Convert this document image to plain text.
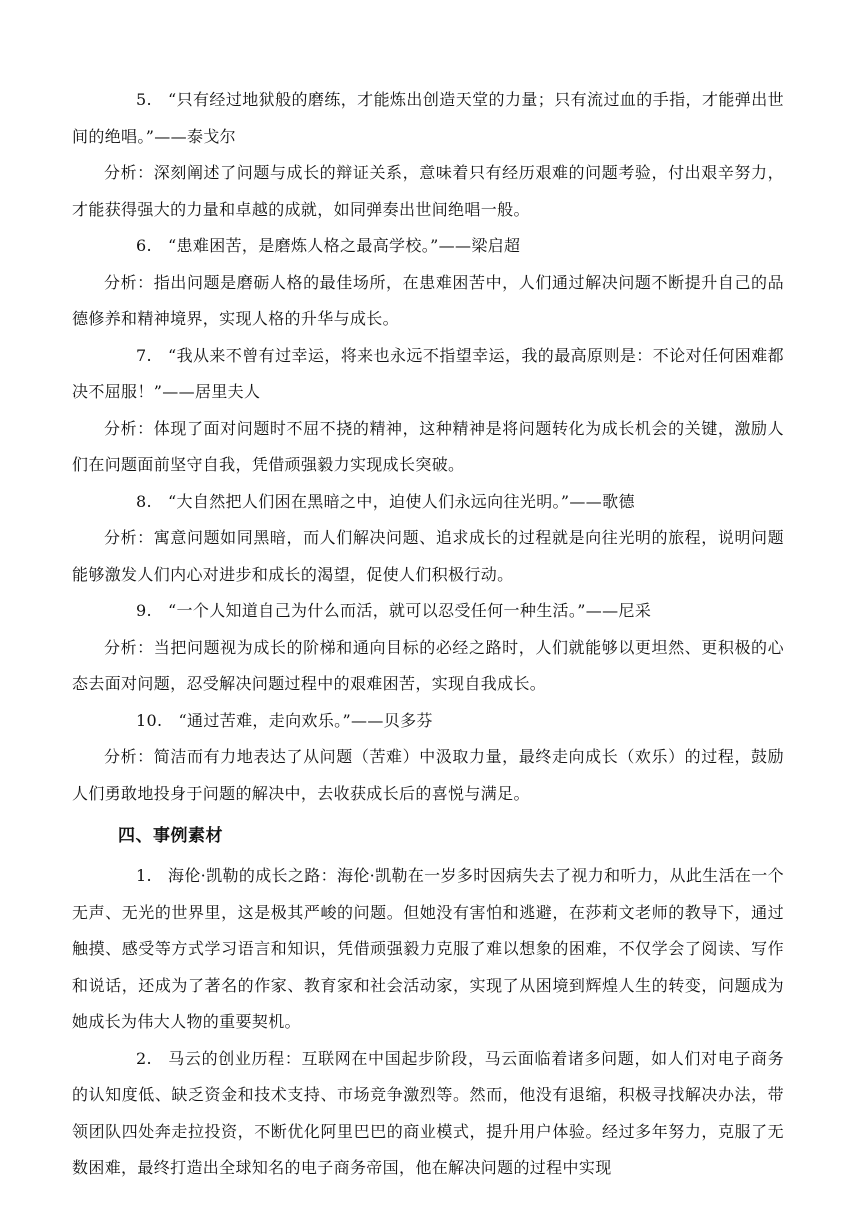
5. “只有经过地狱般的磨练，才能炼出创造天堂的力量；只有流过血的手指，才能弹出世间的绝唱。”——泰戈尔

分析：深刻阐述了问题与成长的辩证关系，意味着只有经历艰难的问题考验，付出艰辛努力，才能获得强大的力量和卓越的成就，如同弹奏出世间绝唱一般。

6. “患难困苦，是磨炼人格之最高学校。”——梁启超

分析：指出问题是磨砺人格的最佳场所，在患难困苦中，人们通过解决问题不断提升自己的品德修养和精神境界，实现人格的升华与成长。

7. “我从来不曾有过幸运，将来也永远不指望幸运，我的最高原则是：不论对任何困难都决不屈服！”——居里夫人

分析：体现了面对问题时不屈不挠的精神，这种精神是将问题转化为成长机会的关键，激励人们在问题面前坚守自我，凭借顽强毅力实现成长突破。

8. “大自然把人们困在黑暗之中，迫使人们永远向往光明。”——歌德

分析：寓意问题如同黑暗，而人们解决问题、追求成长的过程就是向往光明的旅程，说明问题能够激发人们内心对进步和成长的渴望，促使人们积极行动。

9. “一个人知道自己为什么而活，就可以忍受任何一种生活。”——尼采

分析：当把问题视为成长的阶梯和通向目标的必经之路时，人们就能够以更坦然、更积极的心态去面对问题，忍受解决问题过程中的艰难困苦，实现自我成长。

10. “通过苦难，走向欢乐。”——贝多芬

分析：简洁而有力地表达了从问题（苦难）中汲取力量，最终走向成长（欢乐）的过程，鼓励人们勇敢地投身于问题的解决中，去收获成长后的喜悦与满足。

四、事例素材

1. 海伦·凯勒的成长之路：海伦·凯勒在一岁多时因病失去了视力和听力，从此生活在一个无声、无光的世界里，这是极其严峻的问题。但她没有害怕和逃避，在莎莉文老师的教导下，通过触摸、感受等方式学习语言和知识，凭借顽强毅力克服了难以想象的困难，不仅学会了阅读、写作和说话，还成为了著名的作家、教育家和社会活动家，实现了从困境到辉煌人生的转变，问题成为她成长为伟大人物的重要契机。

2. 马云的创业历程：互联网在中国起步阶段，马云面临着诸多问题，如人们对电子商务的认知度低、缺乏资金和技术支持、市场竞争激烈等。然而，他没有退缩，积极寻找解决办法，带领团队四处奔走拉投资，不断优化阿里巴巴的商业模式，提升用户体验。经过多年努力，克服了无数困难，最终打造出全球知名的电子商务帝国，他在解决问题的过程中实现
